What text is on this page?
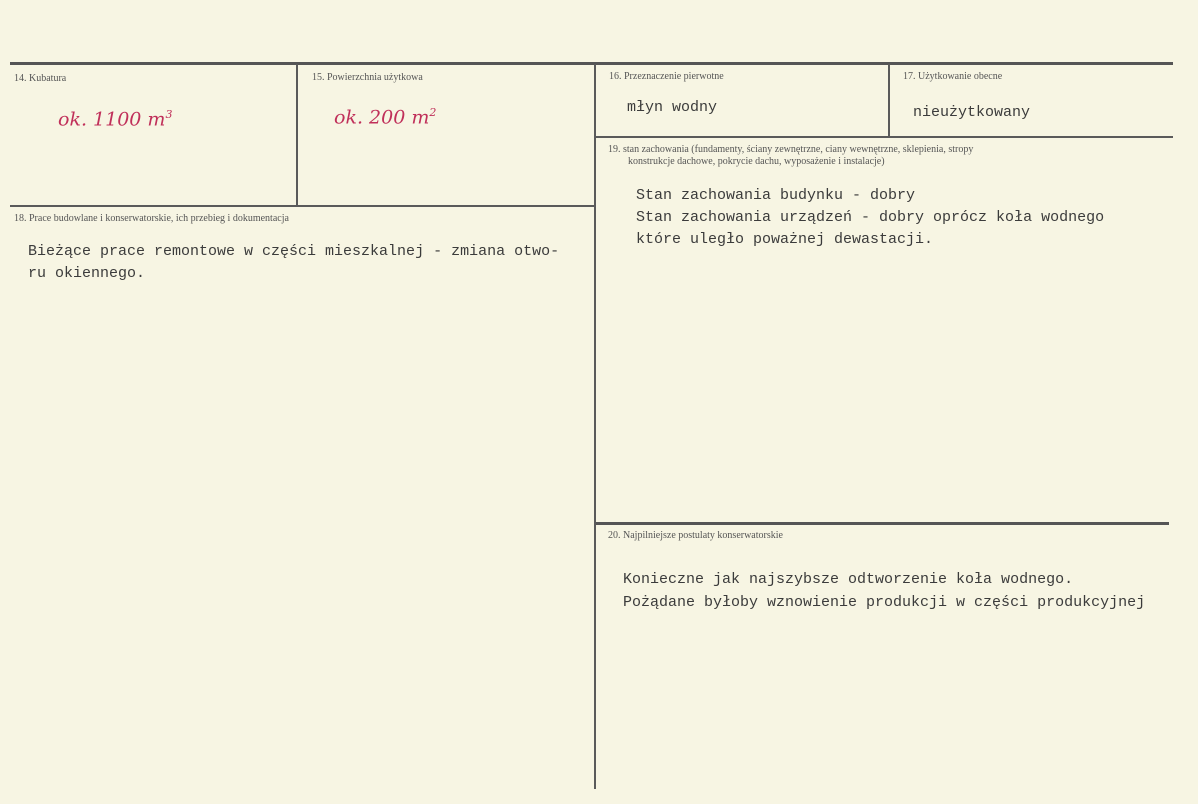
14. Kubatura
ok. 1100 $m^3$
15. Powierzchnia użytkowa
ok. 200 $m^2$
16. Przeznaczenie pierwotne
młyn wodny
17. Użytkowanie obecne
nieużytkowany
18. Prace budowlane i konserwatorskie, ich przebieg i dokumentacja
Bieżące prace remontowe w części mieszkalnej - zmiana otwo-
ru okiennego.
19. stan zachowania (fundamenty, ściany zewnętrzne, ciany wewnętrzne, sklepienia, stropy
konstrukcje dachowe, pokrycie dachu, wyposażenie i instalacje)
Stan zachowania budynku - dobry
Stan zachowania urządzeń - dobry oprócz koła wodnego
które uległo poważnej dewastacji.
20. Najpilniejsze postulaty konserwatorskie
Konieczne jak najszybsze odtworzenie koła wodnego.
Pożądane byłoby wznowienie produkcji w części produkcyjnej
